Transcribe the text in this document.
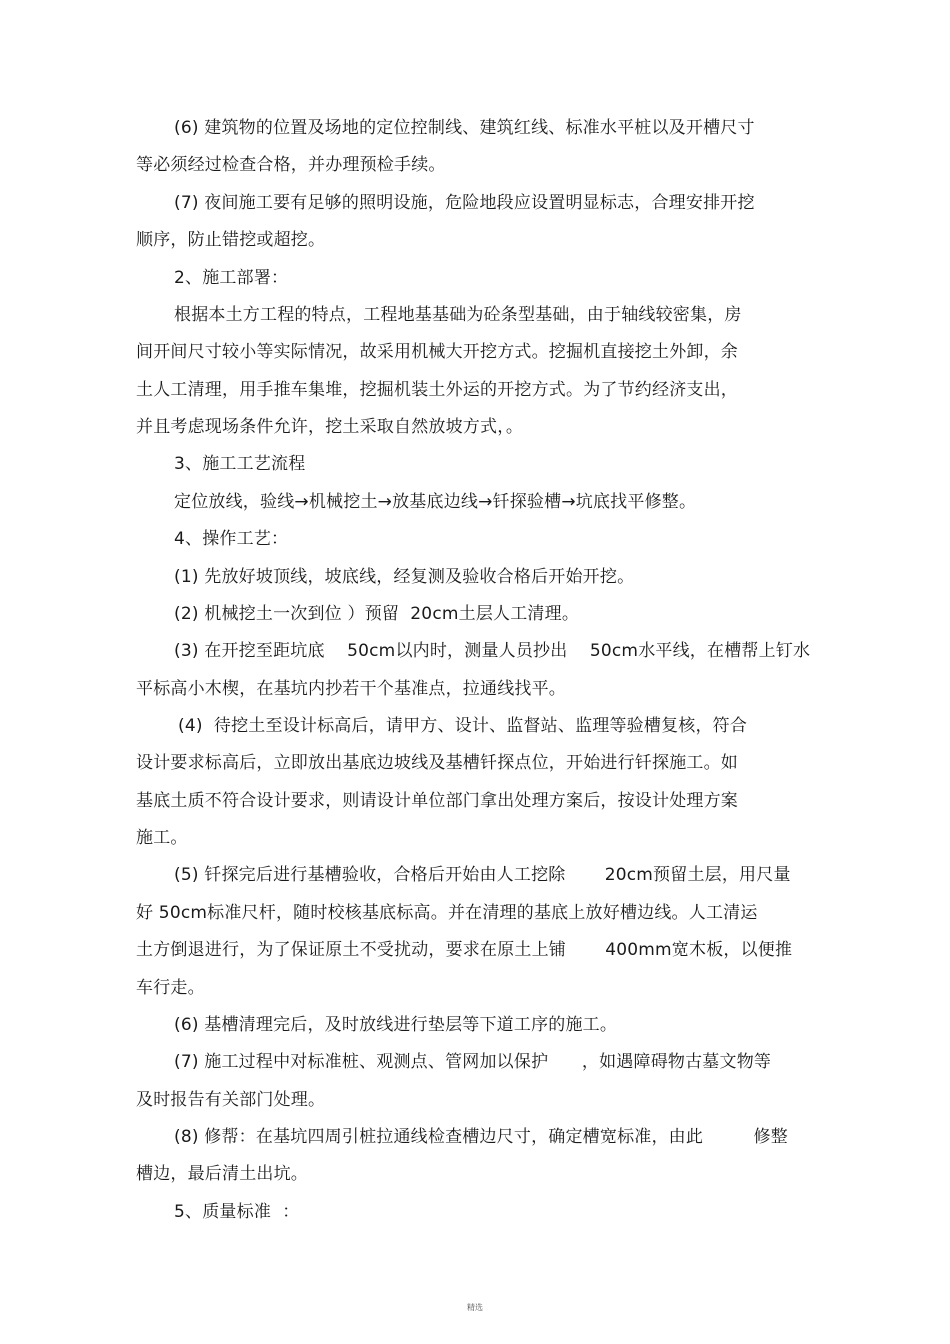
(6) 建筑物的位置及场地的定位控制线、建筑红线、标准水平桩以及开槽尺寸
等必须经过检查合格，并办理预检手续。
(7) 夜间施工要有足够的照明设施，危险地段应设置明显标志，合理安排开挖
顺序，防止错挖或超挖。
2、施工部署：
根据本土方工程的特点，工程地基基础为砼条型基础，由于轴线较密集，房
间开间尺寸较小等实际情况，故采用机械大开挖方式。挖掘机直接挖土外卸，余
土人工清理，用手推车集堆，挖掘机装土外运的开挖方式。为了节约经济支出，
并且考虑现场条件允许，挖土采取自然放坡方式，。
3、施工工艺流程
定位放线，验线→机械挖土→放基底边线→钎探验槽→坑底找平修整。
4、操作工艺：
(1) 先放好坡顶线，坡底线，经复测及验收合格后开始开挖。
(2) 机械挖土一次到位 ）预留  20cm土层人工清理。
(3) 在开挖至距坑底    50cm以内时，测量人员抄出    50cm水平线，在槽帮上钉水
平标高小木楔，在基坑内抄若干个基准点，拉通线找平。
(4)  待挖土至设计标高后，请甲方、设计、监督站、监理等验槽复核，符合
设计要求标高后，立即放出基底边坡线及基槽钎探点位，开始进行钎探施工。如
基底土质不符合设计要求，则请设计单位部门拿出处理方案后，按设计处理方案
施工。
(5) 钎探完后进行基槽验收，合格后开始由人工挖除       20cm预留土层，用尺量
好 50cm标准尺杆，随时校核基底标高。并在清理的基底上放好槽边线。人工清运
土方倒退进行，为了保证原土不受扰动，要求在原土上铺       400mm宽木板，以便推
车行走。
(6) 基槽清理完后，及时放线进行垫层等下道工序的施工。
(7) 施工过程中对标准桩、观测点、管网加以保护      ，如遇障碍物古墓文物等
及时报告有关部门处理。
(8) 修帮：在基坑四周引桩拉通线检查槽边尺寸，确定槽宽标准，由此         修整
槽边，最后清土出坑。
5、质量标准  ：
精选
